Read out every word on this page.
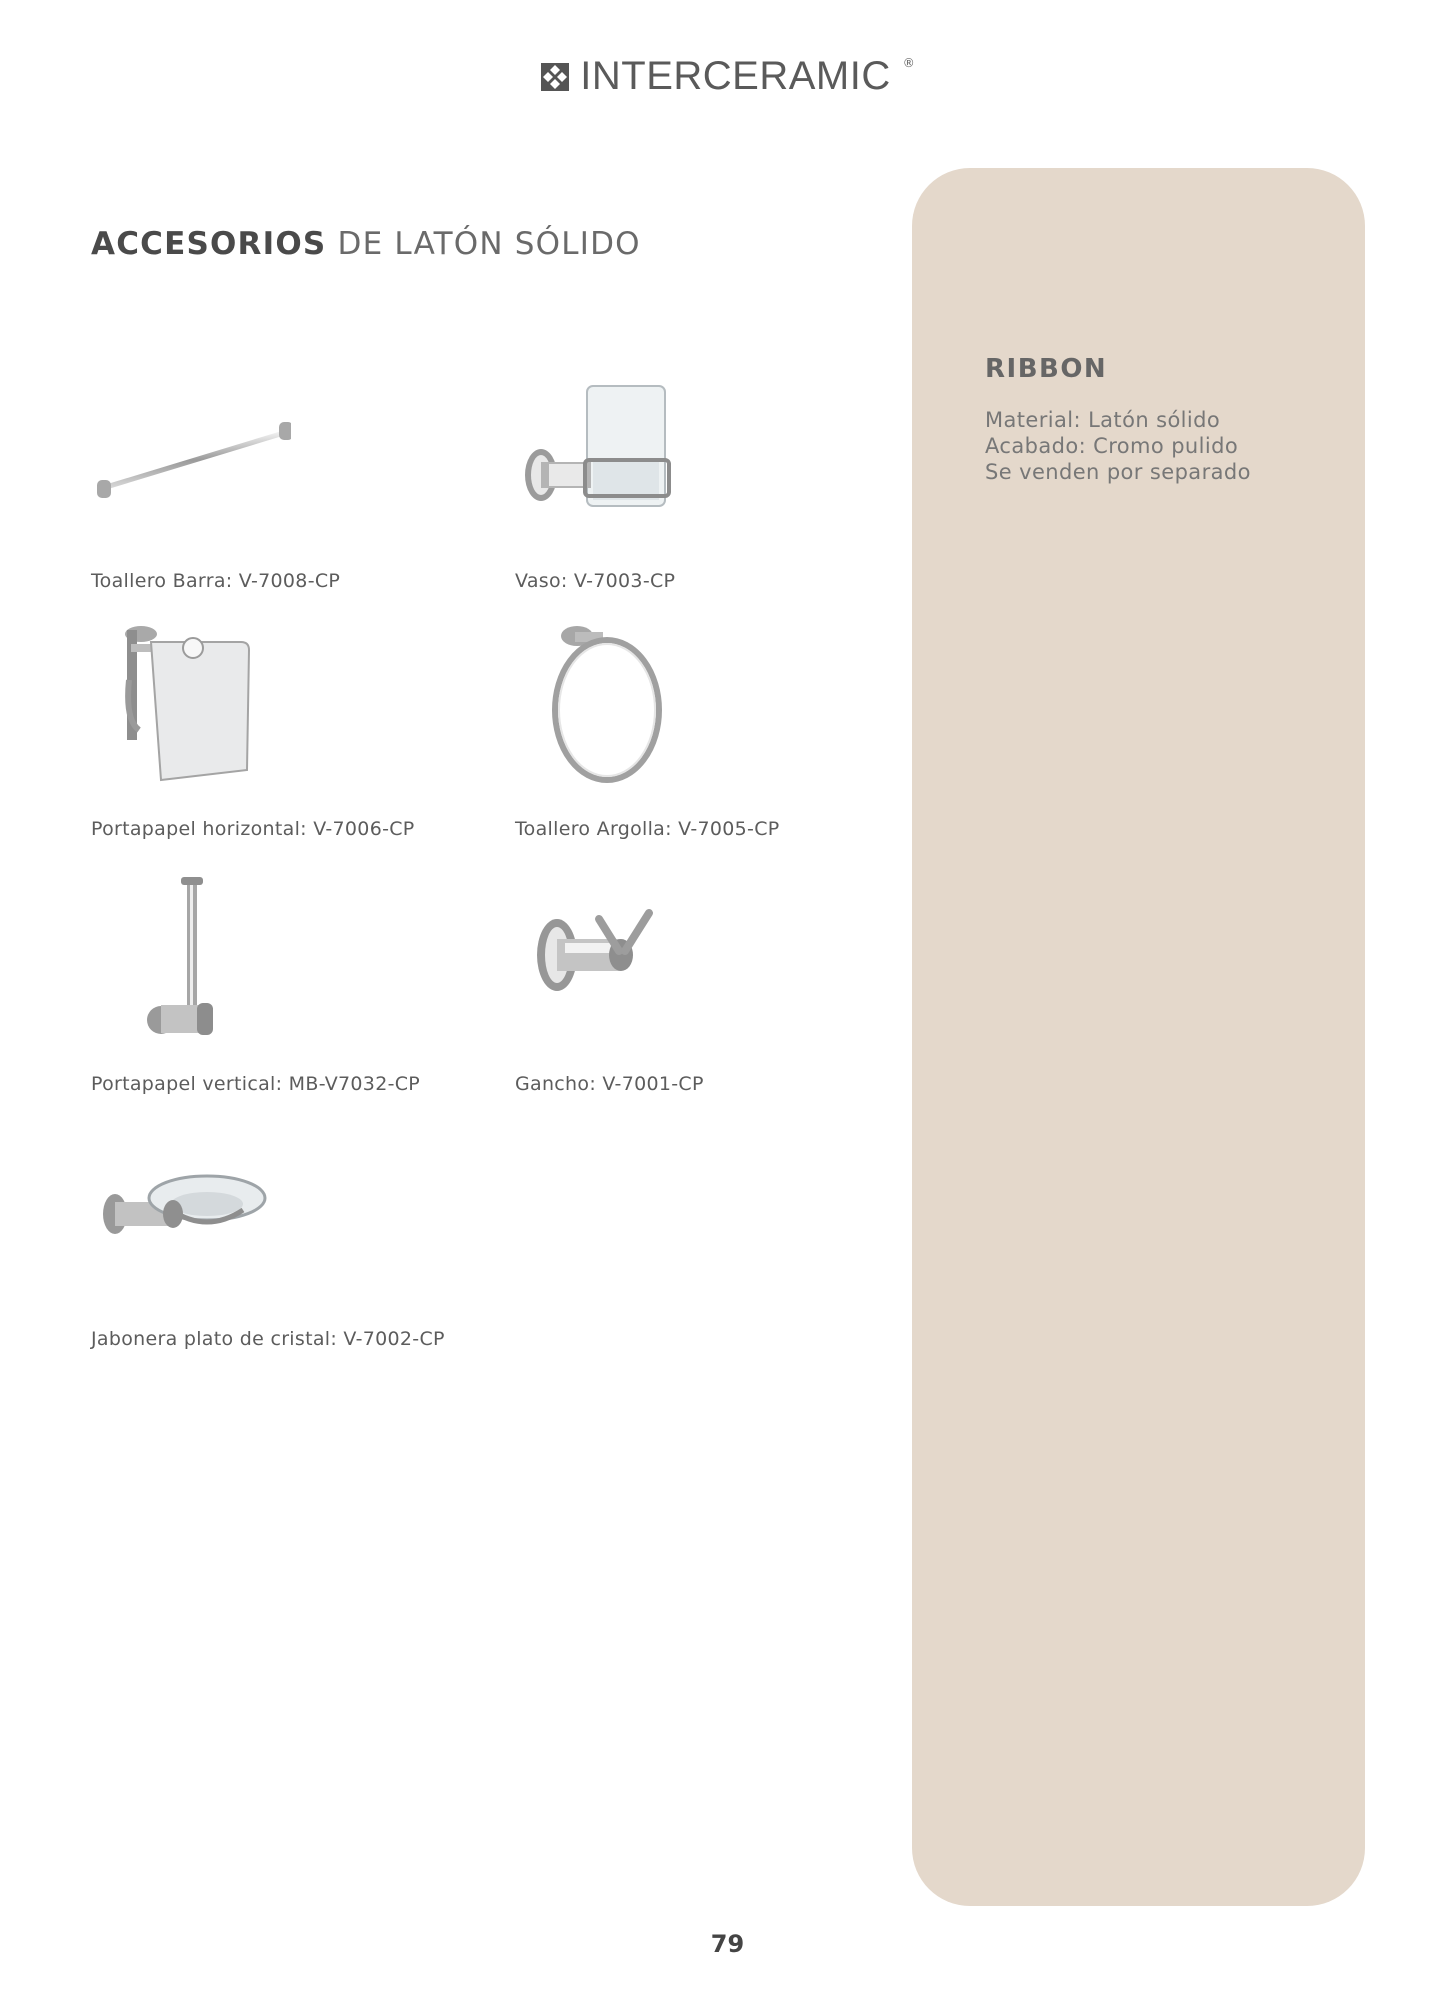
INTERCERAMIC ®
ACCESORIOS DE LATÓN SÓLIDO
Toallero Barra: V-7008-CP	Vaso: V-7003-CP
Portapapel horizontal: V-7006-CP	Toallero Argolla: V-7005-CP
Portapapel vertical: MB-V7032-CP	Gancho: V-7001-CP
Jabonera plato de cristal: V-7002-CP
RIBBON
Material: Latón sólido
Acabado: Cromo pulido
Se venden por separado
79
